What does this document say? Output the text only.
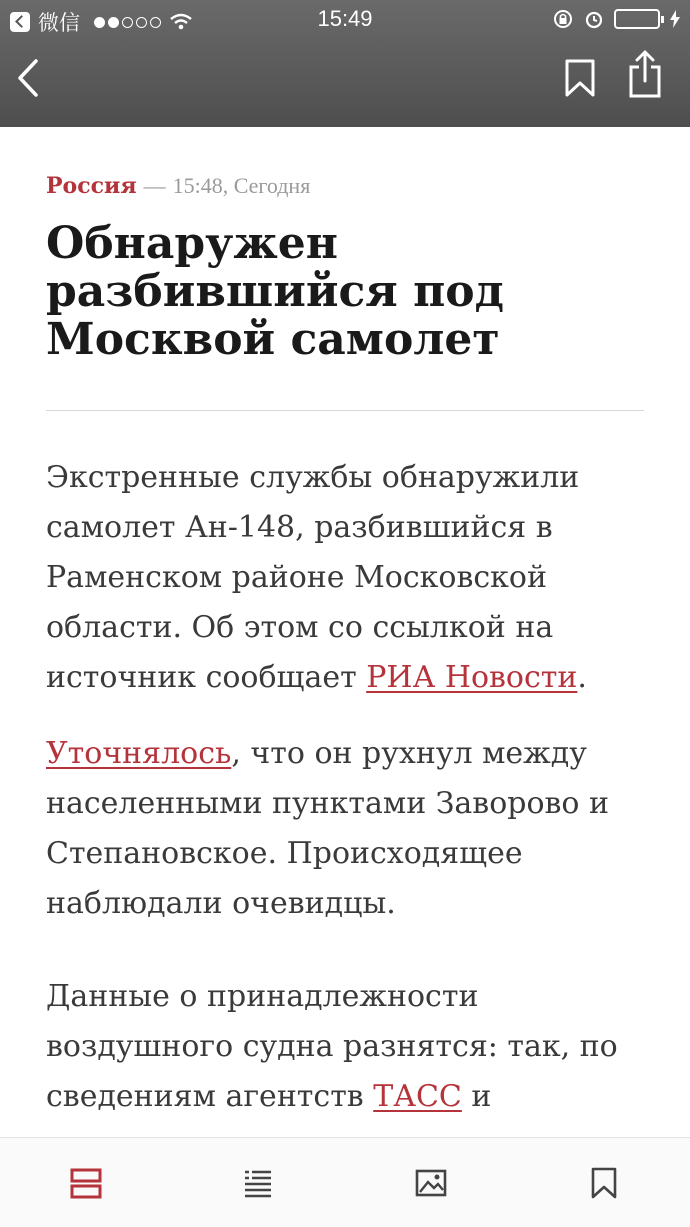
微信	15:49
Россия — 15:48, Сегодня
Обнаружен разбившийся под Москвой самолет

Экстренные службы обнаружили самолет Ан-148, разбившийся в Раменском районе Московской области. Об этом со ссылкой на источник сообщает РИА Новости.

Уточнялось, что он рухнул между населенными пунктами Заворово и Степановское. Происходящее наблюдали очевидцы.

Данные о принадлежности воздушного судна разнятся: так, по сведениям агентств ТАСС и
